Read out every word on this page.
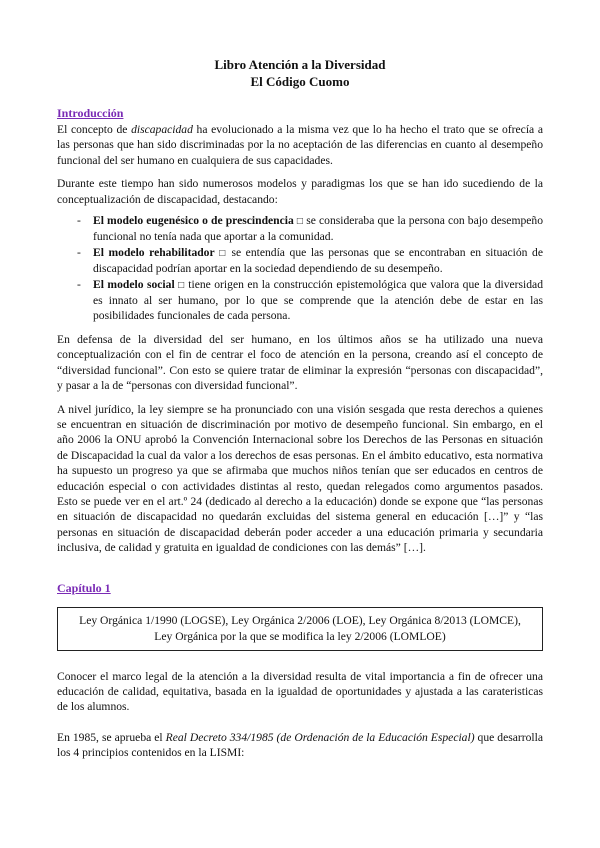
Libro Atención a la Diversidad

El Código Cuomo

Introducción

El concepto de discapacidad ha evolucionado a la misma vez que lo ha hecho el trato que se ofrecía a las personas que han sido discriminadas por la no aceptación de las diferencias en cuanto al desempeño funcional del ser humano en cualquiera de sus capacidades.

Durante este tiempo han sido numerosos modelos y paradigmas los que se han ido sucediendo de la conceptualización de discapacidad, destacando:

- El modelo eugenésico o de prescindencia □ se consideraba que la persona con bajo desempeño funcional no tenía nada que aportar a la comunidad.
- El modelo rehabilitador □ se entendía que las personas que se encontraban en situación de discapacidad podrían aportar en la sociedad dependiendo de su desempeño.
- El modelo social □ tiene origen en la construcción epistemológica que valora que la diversidad es innato al ser humano, por lo que se comprende que la atención debe de estar en las posibilidades funcionales de cada persona.

En defensa de la diversidad del ser humano, en los últimos años se ha utilizado una nueva conceptualización con el fin de centrar el foco de atención en la persona, creando así el concepto de “diversidad funcional”. Con esto se quiere tratar de eliminar la expresión “personas con discapacidad”, y pasar a la de “personas con diversidad funcional”.

A nivel jurídico, la ley siempre se ha pronunciado con una visión sesgada que resta derechos a quienes se encuentran en situación de discriminación por motivo de desempeño funcional. Sin embargo, en el año 2006 la ONU aprobó la Convención Internacional sobre los Derechos de las Personas en situación de Discapacidad la cual da valor a los derechos de esas personas. En el ámbito educativo, esta normativa ha supuesto un progreso ya que se afirmaba que muchos niños tenían que ser educados en centros de educación especial o con actividades distintas al resto, quedan relegados como argumentos pasados. Esto se puede ver en el art.º 24 (dedicado al derecho a la educación) donde se expone que “las personas en situación de discapacidad no quedarán excluidas del sistema general en educación […]” y “las personas en situación de discapacidad deberán poder acceder a una educación primaria y secundaria inclusiva, de calidad y gratuita en igualdad de condiciones con las demás” […].

Capítulo 1
Ley Orgánica 1/1990 (LOGSE), Ley Orgánica 2/2006 (LOE), Ley Orgánica 8/2013 (LOMCE),
Ley Orgánica por la que se modifica la ley 2/2006 (LOMLOE)

Conocer el marco legal de la atención a la diversidad resulta de vital importancia a fin de ofrecer una educación de calidad, equitativa, basada en la igualdad de oportunidades y ajustada a las carateristicas de los alumnos.

En 1985, se aprueba el Real Decreto 334/1985 (de Ordenación de la Educación Especial) que desarrolla los 4 principios contenidos en la LISMI:
